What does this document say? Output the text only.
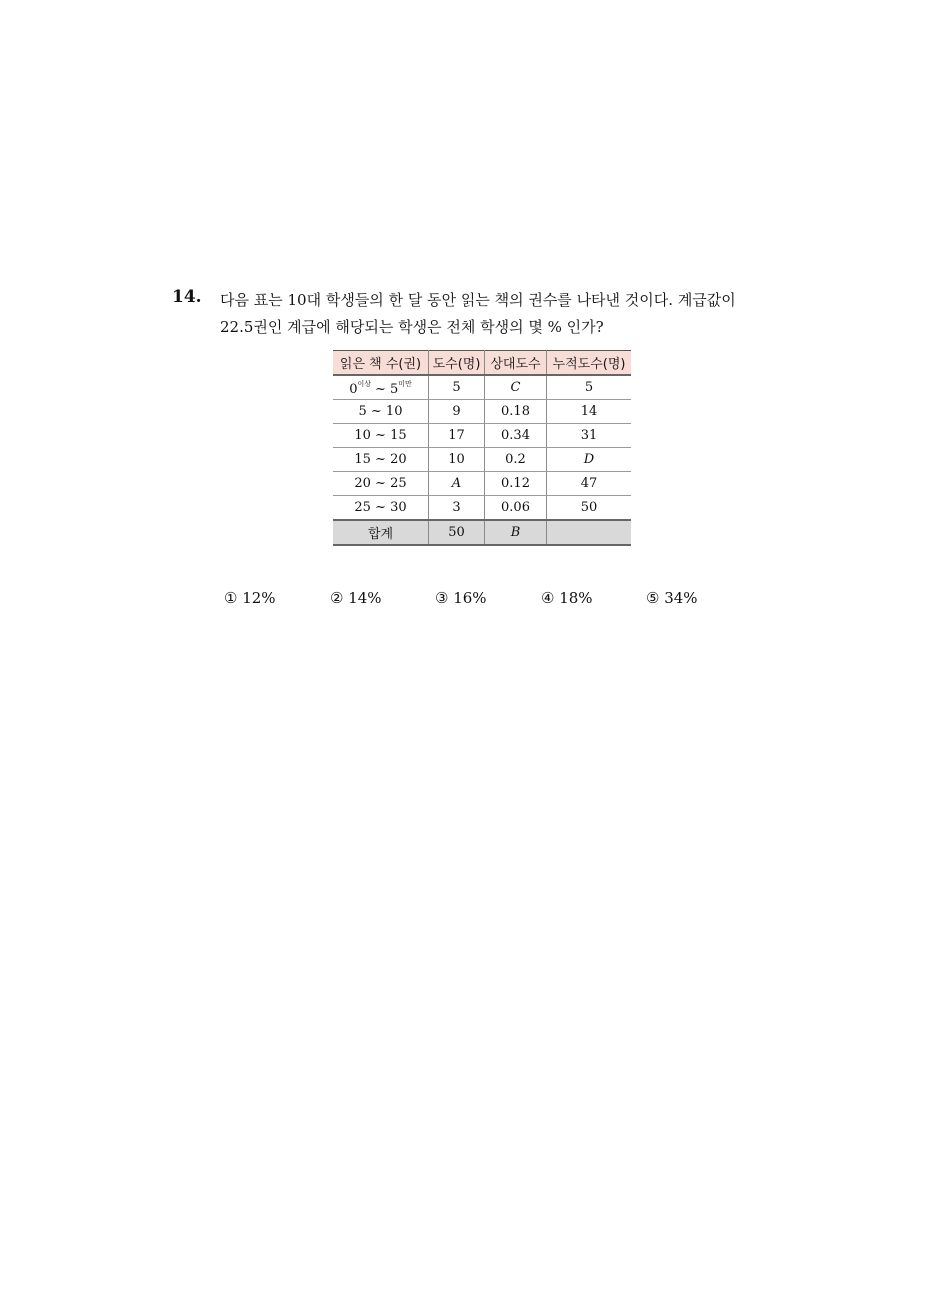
14. 다음 표는 10대 학생들의 한 달 동안 읽는 책의 권수를 나타낸 것이다. 계급값이
22.5권인 계급에 해당되는 학생은 전체 학생의 몇 % 인가?
읽은 책 수(권)	도수(명)	상대도수	누적도수(명)
$0^{이상}$ ~ $5^{미만}$	5	C	5
5 ~ 10	9	0.18	14
10 ~ 15	17	0.34	31
15 ~ 20	10	0.2	D
20 ~ 25	A	0.12	47
25 ~ 30	3	0.06	50
합계	50	B	
① 12%	② 14%	③ 16%	④ 18%	⑤ 34%
